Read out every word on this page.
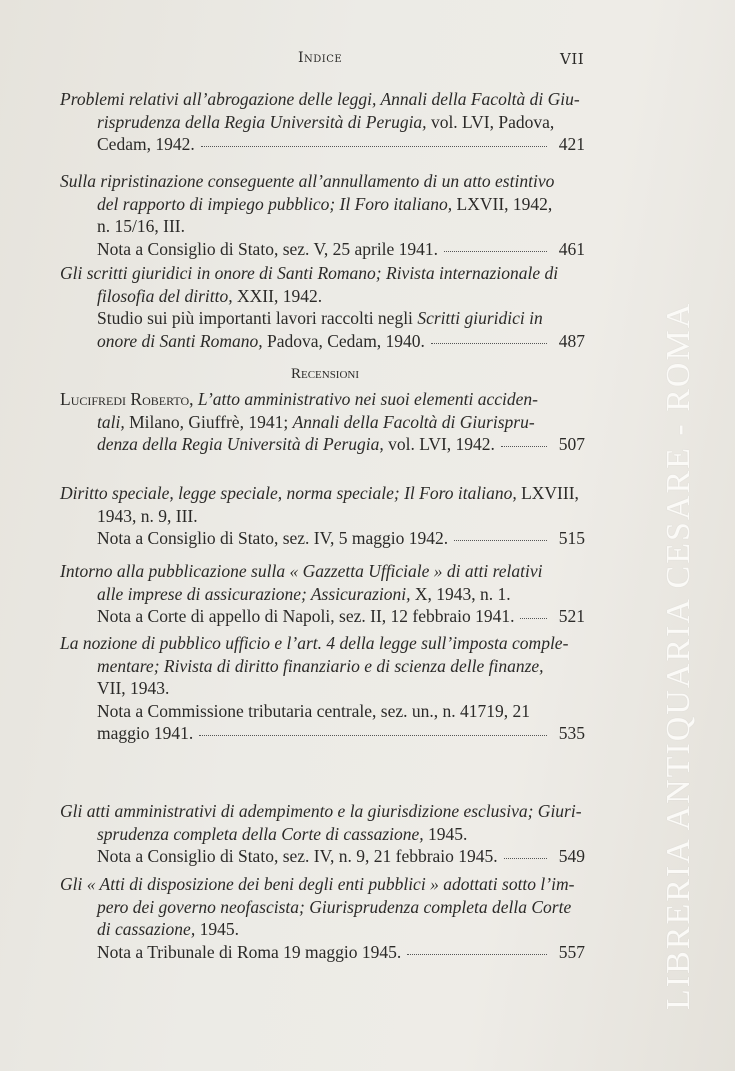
LIBRERIA ANTIQUARIA CESARE - ROMA
Indice	VII
Recensioni
Problemi relativi all’abrogazione delle leggi, Annali della Facoltà di Giu-
risprudenza della Regia Università di Perugia, vol. LVI, Padova,
Cedam, 1942.	421
Sulla ripristinazione conseguente all’annullamento di un atto estintivo
del rapporto di impiego pubblico; Il Foro italiano, LXVII, 1942,
n. 15/16, III.
Nota a Consiglio di Stato, sez. V, 25 aprile 1941.	461
Gli scritti giuridici in onore di Santi Romano; Rivista internazionale di
filosofia del diritto, XXII, 1942.
Studio sui più importanti lavori raccolti negli Scritti giuridici in
onore di Santi Romano, Padova, Cedam, 1940.	487
Lucifredi Roberto, L’atto amministrativo nei suoi elementi acciden-
tali, Milano, Giuffrè, 1941; Annali della Facoltà di Giurispru-
denza della Regia Università di Perugia, vol. LVI, 1942.	507
Diritto speciale, legge speciale, norma speciale; Il Foro italiano, LXVIII,
1943, n. 9, III.
Nota a Consiglio di Stato, sez. IV, 5 maggio 1942.	515
Intorno alla pubblicazione sulla « Gazzetta Ufficiale » di atti relativi
alle imprese di assicurazione; Assicurazioni, X, 1943, n. 1.
Nota a Corte di appello di Napoli, sez. II, 12 febbraio 1941.	521
La nozione di pubblico ufficio e l’art. 4 della legge sull’imposta comple-
mentare; Rivista di diritto finanziario e di scienza delle finanze,
VII, 1943.
Nota a Commissione tributaria centrale, sez. un., n. 41719, 21
maggio 1941.	535
Gli atti amministrativi di adempimento e la giurisdizione esclusiva; Giuri-
sprudenza completa della Corte di cassazione, 1945.
Nota a Consiglio di Stato, sez. IV, n. 9, 21 febbraio 1945.	549
Gli « Atti di disposizione dei beni degli enti pubblici » adottati sotto l’im-
pero dei governo neofascista; Giurisprudenza completa della Corte
di cassazione, 1945.
Nota a Tribunale di Roma 19 maggio 1945.	557
